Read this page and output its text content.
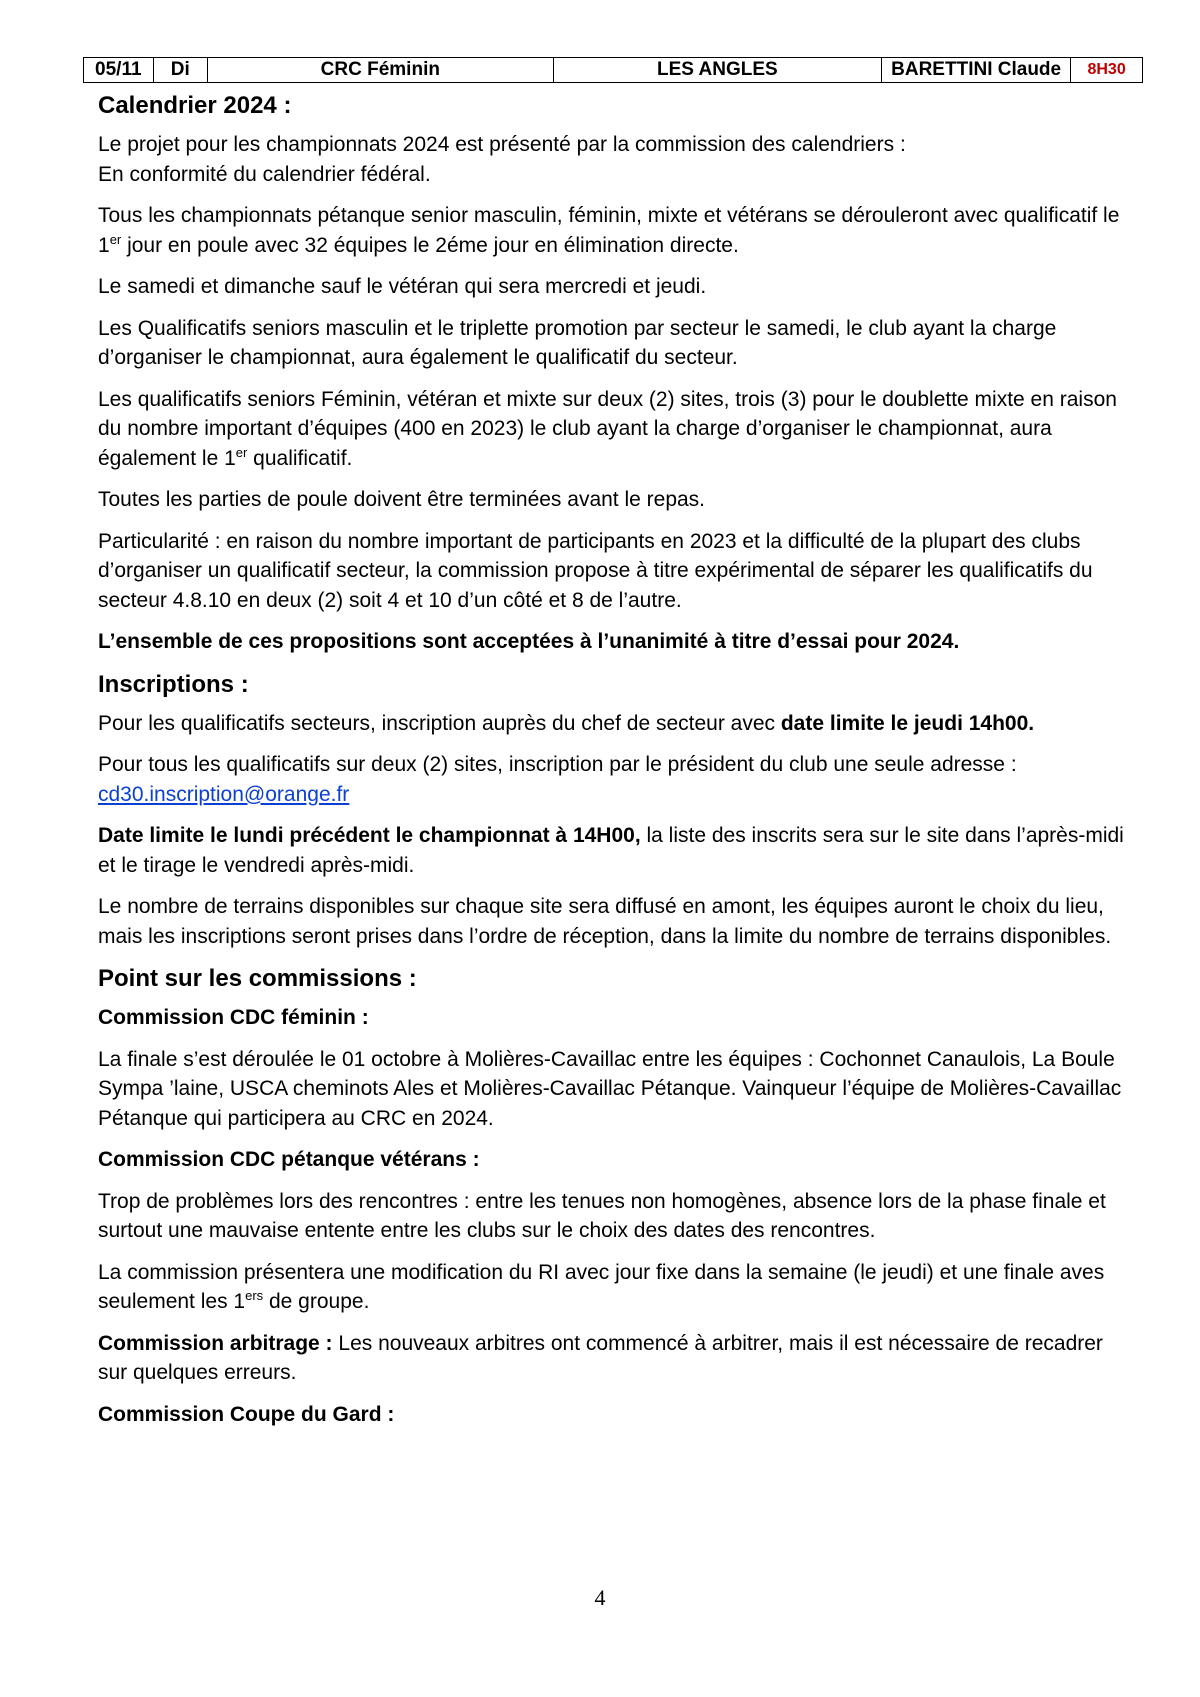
05/11	Di	CRC Féminin	LES ANGLES	BARETTINI Claude	8H30
Calendrier 2024 :

Le projet pour les championnats 2024 est présenté par la commission des calendriers :
En conformité du calendrier fédéral.

Tous les championnats pétanque senior masculin, féminin, mixte et vétérans se dérouleront avec qualificatif le 1er jour en poule avec 32 équipes le 2éme jour en élimination directe.

Le samedi et dimanche sauf le vétéran qui sera mercredi et jeudi.

Les Qualificatifs seniors masculin et le triplette promotion par secteur le samedi, le club ayant la charge d’organiser le championnat, aura également le qualificatif du secteur.

Les qualificatifs seniors Féminin, vétéran et mixte sur deux (2) sites, trois (3) pour le doublette mixte en raison du nombre important d’équipes (400 en 2023) le club ayant la charge d’organiser le championnat, aura également le 1er qualificatif.

Toutes les parties de poule doivent être terminées avant le repas.

Particularité : en raison du nombre important de participants en 2023 et la difficulté de la plupart des clubs d’organiser un qualificatif secteur, la commission propose à titre expérimental de séparer les qualificatifs du secteur 4.8.10 en deux (2) soit 4 et 10 d’un côté et 8 de l’autre.

L’ensemble de ces propositions sont acceptées à l’unanimité à titre d’essai pour 2024.

Inscriptions :

Pour les qualificatifs secteurs, inscription auprès du chef de secteur avec date limite le jeudi 14h00.

Pour tous les qualificatifs sur deux (2) sites, inscription par le président du club une seule adresse :
cd30.inscription@orange.fr

Date limite le lundi précédent le championnat à 14H00, la liste des inscrits sera sur le site dans l’après-midi et le tirage le vendredi après-midi.

Le nombre de terrains disponibles sur chaque site sera diffusé en amont, les équipes auront le choix du lieu, mais les inscriptions seront prises dans l’ordre de réception, dans la limite du nombre de terrains disponibles.

Point sur les commissions :

Commission CDC féminin :

La finale s’est déroulée le 01 octobre à Molières-Cavaillac entre les équipes : Cochonnet Canaulois, La Boule Sympa ’laine, USCA cheminots Ales et Molières-Cavaillac Pétanque. Vainqueur l’équipe de Molières-Cavaillac Pétanque qui participera au CRC en 2024.

Commission CDC pétanque vétérans :

Trop de problèmes lors des rencontres : entre les tenues non homogènes, absence lors de la phase finale et surtout une mauvaise entente entre les clubs sur le choix des dates des rencontres.

La commission présentera une modification du RI avec jour fixe dans la semaine (le jeudi) et une finale aves seulement les 1ers de groupe.

Commission arbitrage : Les nouveaux arbitres ont commencé à arbitrer, mais il est nécessaire de recadrer sur quelques erreurs.

Commission Coupe du Gard :

4
